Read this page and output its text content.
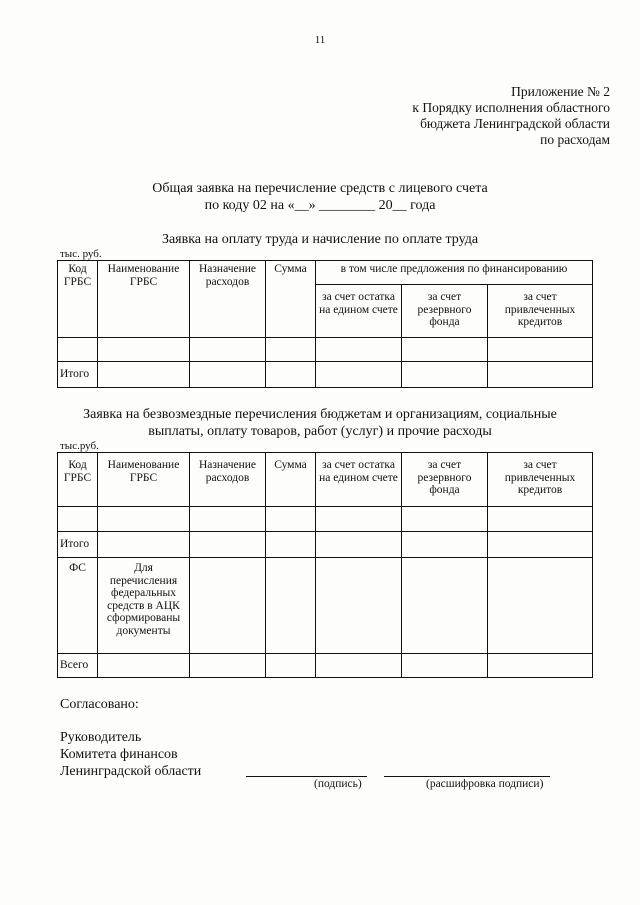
11
Приложение № 2
к Порядку исполнения областного
бюджета Ленинградской области
по расходам
Общая заявка на перечисление средств с лицевого счета
по коду 02 на «__» ________ 20__ года
Заявка на оплату труда и начисление по оплате труда
тыс. руб.
Код ГРБС	Наименование ГРБС	Назначение расходов	Сумма	в том числе предложения по финансированию		
				за счет остатка на едином счете	за счет резервного фонда	за счет привлеченных кредитов

Итого						
Заявка на безвозмездные перечисления бюджетам и организациям, социальные
выплаты, оплату товаров, работ (услуг) и прочие расходы
тыс.руб.
Код ГРБС	Наименование ГРБС	Назначение расходов	Сумма	за счет остатка на едином счете	за счет резервного фонда	за счет привлеченных кредитов

Итого						
ФС	Для перечисления федеральных средств в АЦК сформированы документы					
Всего						
Согласовано:
Руководитель
Комитета финансов
Ленинградской области
(подпись)	(расшифровка подписи)
